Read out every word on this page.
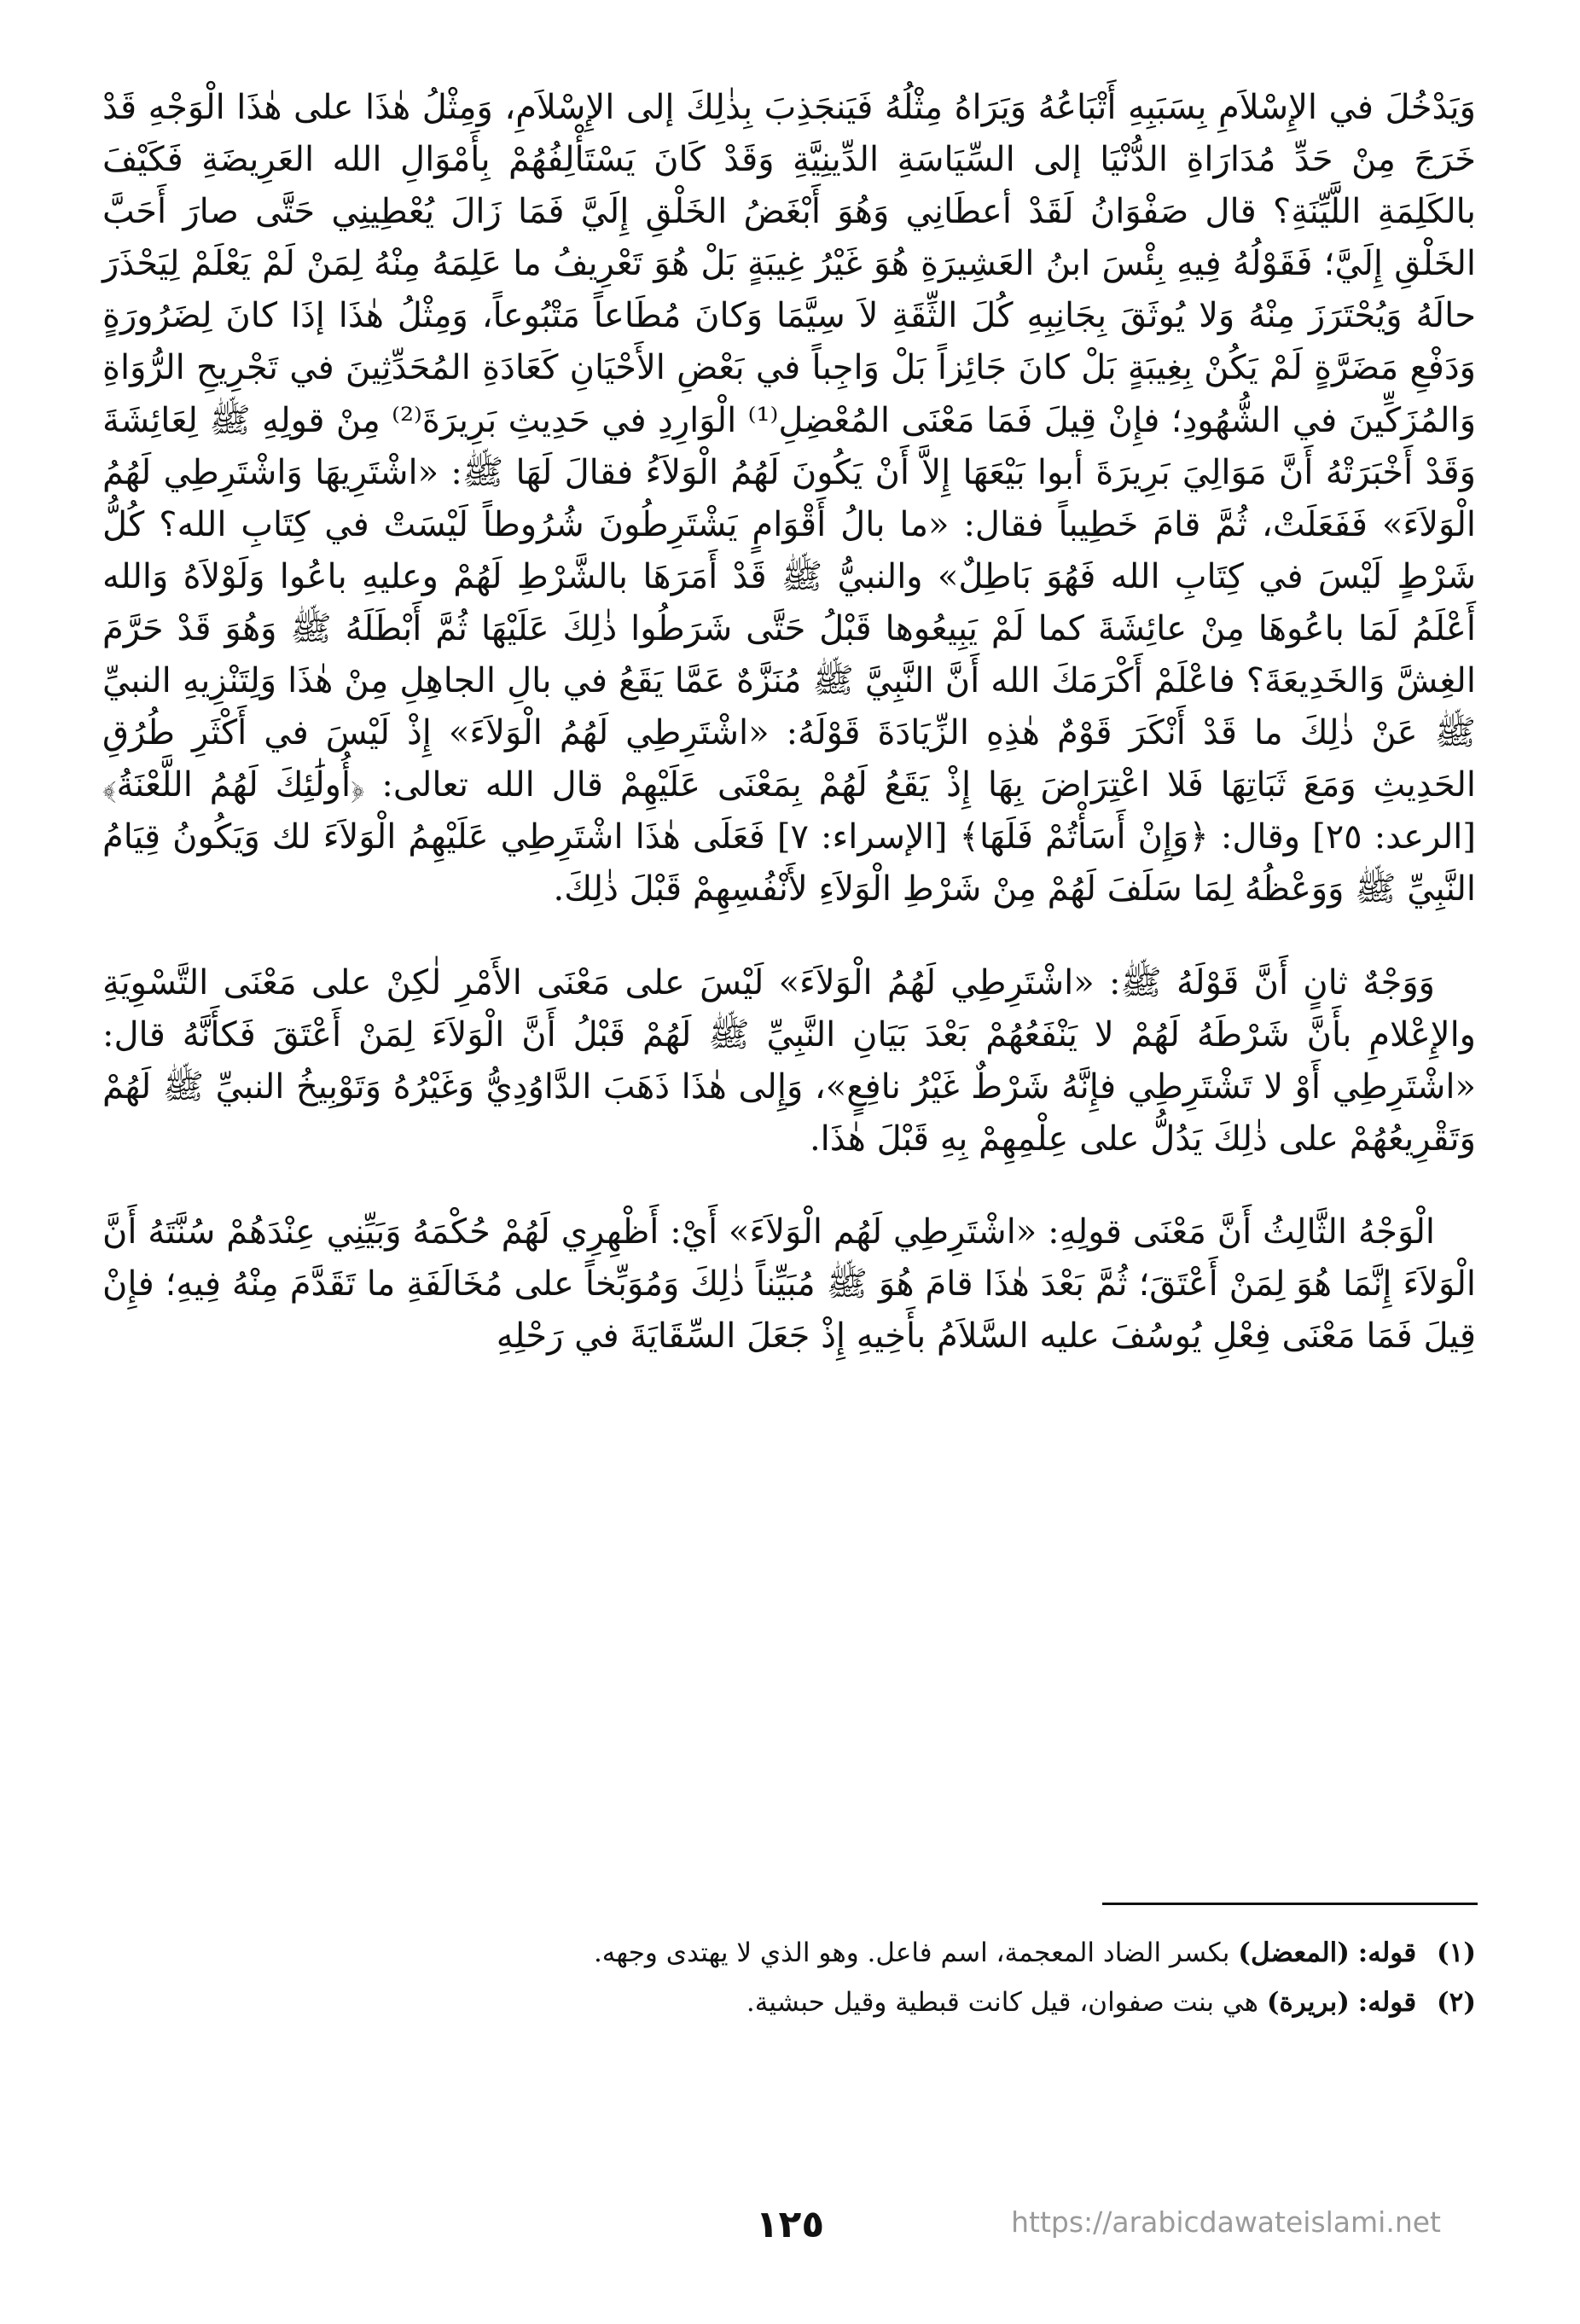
وَيَدْخُلَ في الإِسْلاَمِ بِسَبَبِهِ أَتْبَاعُهُ وَيَرَاهُ مِثْلُهُ فَيَنجَذِبَ بِذٰلِكَ إلى الإِسْلاَمِ، وَمِثْلُ هٰذَا على هٰذَا الْوَجْهِ قَدْ خَرَجَ مِنْ حَدِّ مُدَارَاةِ الدُّنْيَا إلى السِّيَاسَةِ الدِّينِيَّةِ وَقَدْ كَانَ يَسْتَأْلِفُهُمْ بِأَمْوَالِ الله العَرِيضَةِ فَكَيْفَ بالكَلِمَةِ اللَّيِّنَةِ؟ قال صَفْوَانُ لَقَدْ أعطَانِي وَهُوَ أَبْغَضُ الخَلْقِ إِلَيَّ فَمَا زَالَ يُعْطِينِي حَتَّى صارَ أَحَبَّ الخَلْقِ إِلَيَّ؛ فَقَوْلُهُ فِيهِ بِئْسَ ابنُ العَشِيرَةِ هُوَ غَيْرُ غِيبَةٍ بَلْ هُوَ تَعْرِيفُ ما عَلِمَهُ مِنْهُ لِمَنْ لَمْ يَعْلَمْ لِيَحْذَرَ حالَهُ وَيُحْتَرَزَ مِنْهُ وَلا يُوثَقَ بِجَانِبِهِ كُلَ الثِّقَةِ لاَ سِيَّمَا وَكانَ مُطَاعاً مَتْبُوعاً، وَمِثْلُ هٰذَا إذَا كانَ لِضَرُورَةٍ وَدَفْعِ مَضَرَّةٍ لَمْ يَكُنْ بِغِيبَةٍ بَلْ كانَ جَائِزاً بَلْ وَاجِباً في بَعْضِ الأَحْيَانِ كَعَادَةِ المُحَدِّثِينَ في تَجْرِيحِ الرُّوَاةِ وَالمُزَكِّينَ في الشُّهُودِ؛ فإِنْ قِيلَ فَمَا مَعْنَى المُعْضِلِ⁽¹⁾ الْوَارِدِ في حَدِيثِ بَرِيرَةَ⁽²⁾ مِنْ قولِهِ ﷺ لِعَائِشَةَ وَقَدْ أَخْبَرَتْهُ أَنَّ مَوَالِيَ بَرِيرَةَ أبوا بَيْعَهَا إِلاَّ أَنْ يَكُونَ لَهُمُ الْوَلاَءُ فقالَ لَهَا ﷺ: «اشْتَرِيهَا وَاشْتَرِطِي لَهُمُ الْوَلاَءَ» فَفَعَلَتْ، ثُمَّ قامَ خَطِيباً فقال: «ما بالُ أَقْوَامٍ يَشْتَرِطُونَ شُرُوطاً لَيْسَتْ في كِتَابِ الله؟ كُلُّ شَرْطٍ لَيْسَ في كِتَابِ الله فَهُوَ بَاطِلٌ» والنبيُّ ﷺ قَدْ أَمَرَهَا بالشَّرْطِ لَهُمْ وعليهِ باعُوا وَلَوْلاَهُ وَالله أَعْلَمُ لَمَا باعُوهَا مِنْ عائِشَةَ كما لَمْ يَبِيعُوها قَبْلُ حَتَّى شَرَطُوا ذٰلِكَ عَلَيْهَا ثُمَّ أَبْطَلَهُ ﷺ وَهُوَ قَدْ حَرَّمَ الغِشَّ وَالخَدِيعَةَ؟ فاعْلَمْ أَكْرَمَكَ الله أَنَّ النَّبِيَّ ﷺ مُنَزَّهٌ عَمَّا يَقَعُ في بالِ الجاهِلِ مِنْ هٰذَا وَلِتَنْزِيهِ النبيِّ ﷺ عَنْ ذٰلِكَ ما قَدْ أَنْكَرَ قَوْمٌ هٰذِهِ الزِّيَادَةَ قَوْلَهُ: «اشْتَرِطِي لَهُمُ الْوَلاَءَ» إِذْ لَيْسَ في أَكْثَرِ طُرُقِ الحَدِيثِ وَمَعَ ثَبَاتِهَا فَلا اعْتِرَاضَ بِهَا إِذْ يَقَعُ لَهُمْ بِمَعْنَى عَلَيْهِمْ قال الله تعالى: ﴿أُولَٰئِكَ لَهُمُ اللَّعْنَةُ﴾ [الرعد: ٢٥] وقال: ﴿وَإِنْ أَسَأْتُمْ فَلَهَا﴾ [الإسراء: ٧] فَعَلَى هٰذَا اشْتَرِطِي عَلَيْهِمُ الْوَلاَءَ لك وَيَكُونُ قِيَامُ النَّبِيِّ ﷺ وَوَعْظُهُ لِمَا سَلَفَ لَهُمْ مِنْ شَرْطِ الْوَلاَءِ لأَنْفُسِهِمْ قَبْلَ ذٰلِكَ.

وَوَجْهٌ ثانٍ أَنَّ قَوْلَهُ ﷺ: «اشْتَرِطِي لَهُمُ الْوَلاَءَ» لَيْسَ على مَعْنَى الأَمْرِ لٰكِنْ على مَعْنَى التَّسْوِيَةِ والإِعْلامِ بأَنَّ شَرْطَهُ لَهُمْ لا يَنْفَعُهُمْ بَعْدَ بَيَانِ النَّبِيِّ ﷺ لَهُمْ قَبْلُ أَنَّ الْوَلاَءَ لِمَنْ أَعْتَقَ فَكأَنَّهُ قال: «اشْتَرِطِي أَوْ لا تَشْتَرِطِي فإِنَّهُ شَرْطٌ غَيْرُ نافِعٍ»، وَإِلى هٰذَا ذَهَبَ الدَّاوُدِيُّ وَغَيْرُهُ وَتَوْبِيخُ النبيِّ ﷺ لَهُمْ وَتَقْرِيعُهُمْ على ذٰلِكَ يَدُلُّ على عِلْمِهِمْ بِهِ قَبْلَ هٰذَا.

الْوَجْهُ الثَّالِثُ أَنَّ مَعْنَى قولِهِ: «اشْتَرِطِي لَهُم الْوَلاَءَ» أَيْ: أَظْهِرِي لَهُمْ حُكْمَهُ وَبَيِّنِي عِنْدَهُمْ سُنَّتَهُ أَنَّ الْوَلاَءَ إِنَّمَا هُوَ لِمَنْ أَعْتَقَ؛ ثُمَّ بَعْدَ هٰذَا قامَ هُوَ ﷺ مُبَيِّناً ذٰلِكَ وَمُوَبِّخاً على مُخَالَفَةِ ما تَقَدَّمَ مِنْهُ فِيهِ؛ فإِنْ قِيلَ فَمَا مَعْنَى فِعْلِ يُوسُفَ عليه السَّلاَمُ بأَخِيهِ إِذْ جَعَلَ السِّقَايَةَ في رَحْلِهِ

(١) قوله: (المعضل) بكسر الضاد المعجمة، اسم فاعل. وهو الذي لا يهتدى وجهه.
(٢) قوله: (بريرة) هي بنت صفوان، قيل كانت قبطية وقيل حبشية.
١٢٥	https://arabicdawateislami.net
